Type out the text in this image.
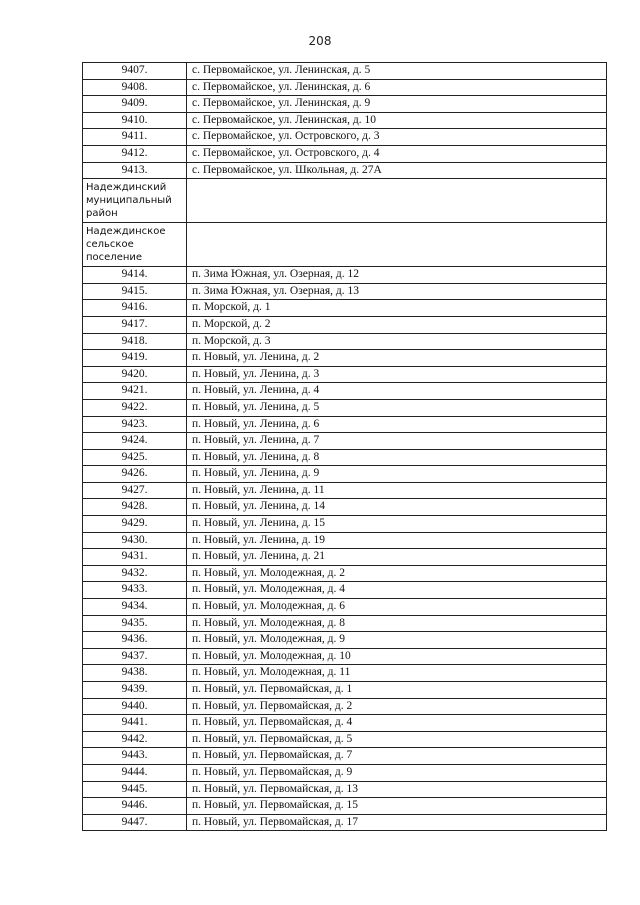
208
9407.	с. Первомайское, ул. Ленинская, д. 5
9408.	с. Первомайское, ул. Ленинская, д. 6
9409.	с. Первомайское, ул. Ленинская, д. 9
9410.	с. Первомайское, ул. Ленинская, д. 10
9411.	с. Первомайское, ул. Островского, д. 3
9412.	с. Первомайское, ул. Островского, д. 4
9413.	с. Первомайское, ул. Школьная, д. 27А
Надеждинский муниципальный район	
Надеждинское сельское поселение	
9414.	п. Зима Южная, ул. Озерная, д. 12
9415.	п. Зима Южная, ул. Озерная, д. 13
9416.	п. Морской, д. 1
9417.	п. Морской, д. 2
9418.	п. Морской, д. 3
9419.	п. Новый, ул. Ленина, д. 2
9420.	п. Новый, ул. Ленина, д. 3
9421.	п. Новый, ул. Ленина, д. 4
9422.	п. Новый, ул. Ленина, д. 5
9423.	п. Новый, ул. Ленина, д. 6
9424.	п. Новый, ул. Ленина, д. 7
9425.	п. Новый, ул. Ленина, д. 8
9426.	п. Новый, ул. Ленина, д. 9
9427.	п. Новый, ул. Ленина, д. 11
9428.	п. Новый, ул. Ленина, д. 14
9429.	п. Новый, ул. Ленина, д. 15
9430.	п. Новый, ул. Ленина, д. 19
9431.	п. Новый, ул. Ленина, д. 21
9432.	п. Новый, ул. Молодежная, д. 2
9433.	п. Новый, ул. Молодежная, д. 4
9434.	п. Новый, ул. Молодежная, д. 6
9435.	п. Новый, ул. Молодежная, д. 8
9436.	п. Новый, ул. Молодежная, д. 9
9437.	п. Новый, ул. Молодежная, д. 10
9438.	п. Новый, ул. Молодежная, д. 11
9439.	п. Новый, ул. Первомайская, д. 1
9440.	п. Новый, ул. Первомайская, д. 2
9441.	п. Новый, ул. Первомайская, д. 4
9442.	п. Новый, ул. Первомайская, д. 5
9443.	п. Новый, ул. Первомайская, д. 7
9444.	п. Новый, ул. Первомайская, д. 9
9445.	п. Новый, ул. Первомайская, д. 13
9446.	п. Новый, ул. Первомайская, д. 15
9447.	п. Новый, ул. Первомайская, д. 17
